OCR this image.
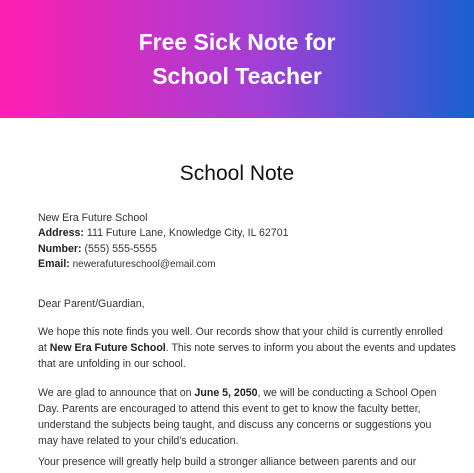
Free Sick Note for
School Teacher
School Note
New Era Future School
Address: 111 Future Lane, Knowledge City, IL 62701
Number: (555) 555-5555
Email: newerafutureschool@email.com
Dear Parent/Guardian,
We hope this note finds you well. Our records show that your child is currently enrolled
at New Era Future School. This note serves to inform you about the events and updates
that are unfolding in our school.
We are glad to announce that on June 5, 2050, we will be conducting a School Open
Day. Parents are encouraged to attend this event to get to know the faculty better,
understand the subjects being taught, and discuss any concerns or suggestions you
may have related to your child's education.
Your presence will greatly help build a stronger alliance between parents and our
